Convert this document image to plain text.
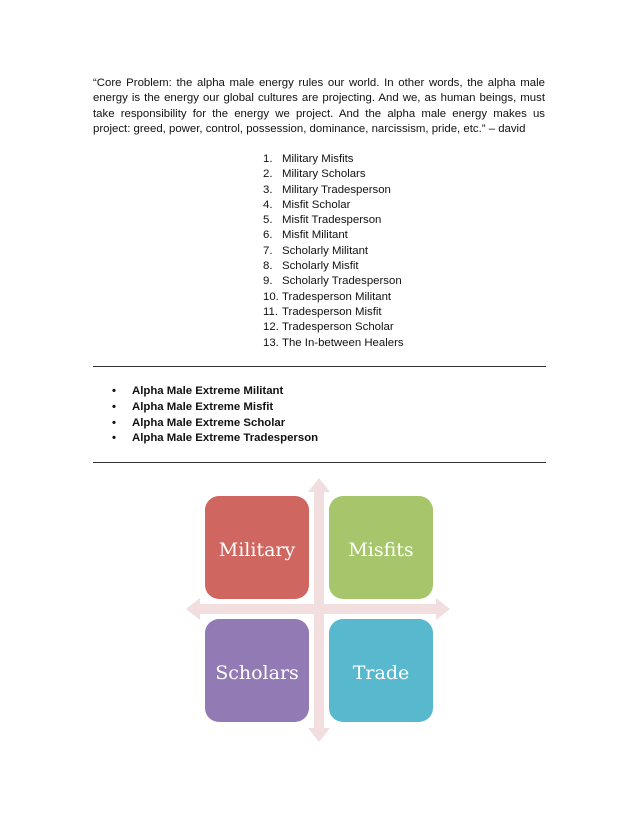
“Core Problem: the alpha male energy rules our world. In other words, the alpha male energy is the energy our global cultures are projecting. And we, as human beings, must take responsibility for the energy we project. And the alpha male energy makes us project: greed, power, control, possession, dominance, narcissism, pride, etc.” – david

1. Military Misfits
2. Military Scholars
3. Military Tradesperson
4. Misfit Scholar
5. Misfit Tradesperson
6. Misfit Militant
7. Scholarly Militant
8. Scholarly Misfit
9. Scholarly Tradesperson
10. Tradesperson Militant
11. Tradesperson Misfit
12. Tradesperson Scholar
13. The In-between Healers
• Alpha Male Extreme Militant
• Alpha Male Extreme Misfit
• Alpha Male Extreme Scholar
• Alpha Male Extreme Tradesperson
Military	Misfits
Scholars	Trade
